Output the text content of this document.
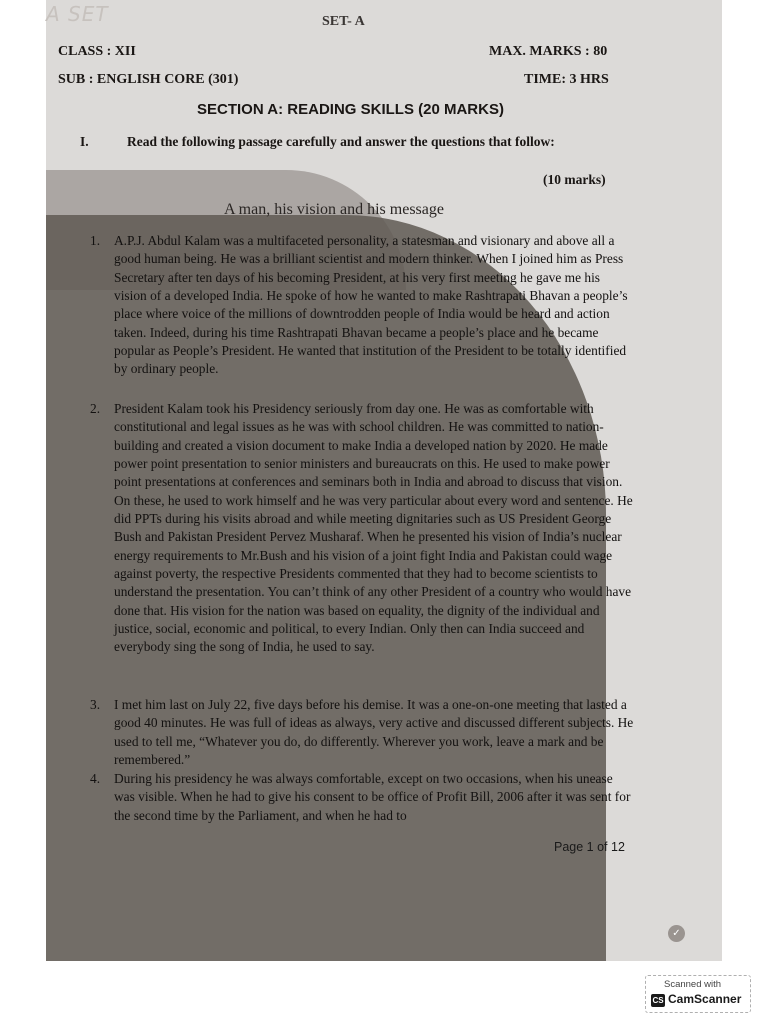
A SET	SET- A
CLASS : XII	MAX. MARKS : 80
SUB : ENGLISH CORE (301)	TIME: 3 HRS
SECTION A: READING SKILLS (20 MARKS)
I.	Read the following passage carefully and answer the questions that follow:
(10 marks)
A man, his vision and his message
1.	A.P.J. Abdul Kalam was a multifaceted personality, a statesman and visionary and above all a good human being. He was a brilliant scientist and modern thinker. When I joined him as Press Secretary after ten days of his becoming President, at his very first meeting he gave me his vision of a developed India. He spoke of how he wanted to make Rashtrapati Bhavan a people’s place where voice of the millions of downtrodden people of India would be heard and action taken. Indeed, during his time Rashtrapati Bhavan became a people’s place and he became popular as People’s President. He wanted that institution of the President to be totally identified by ordinary people.
2.	President Kalam took his Presidency seriously from day one. He was as comfortable with constitutional and legal issues as he was with school children. He was committed to nation-building and created a vision document to make India a developed nation by 2020. He made power point presentation to senior ministers and bureaucrats on this. He used to make power point presentations at conferences and seminars both in India and abroad to discuss that vision. On these, he used to work himself and he was very particular about every word and sentence. He did PPTs during his visits abroad and while meeting dignitaries such as US President George Bush and Pakistan President Pervez Musharaf. When he presented his vision of India’s nuclear energy requirements to Mr.Bush and his vision of a joint fight India and Pakistan could wage against poverty, the respective Presidents commented that they had to become scientists to understand the presentation. You can’t think of any other President of a country who would have done that. His vision for the nation was based on equality, the dignity of the individual and justice, social, economic and political, to every Indian. Only then can India succeed and everybody sing the song of India, he used to say.
3.	I met him last on July 22, five days before his demise. It was a one-on-one meeting that lasted a good 40 minutes. He was full of ideas as always, very active and discussed different subjects. He used to tell me, “Whatever you do, do differently. Wherever you work, leave a mark and be remembered.”
4.	During his presidency he was always comfortable, except on two occasions, when his unease was visible. When he had to give his consent to be office of Profit Bill, 2006 after it was sent for the second time by the Parliament, and when he had to
Page 1 of 12
✓
Scanned with
CS CamScanner
